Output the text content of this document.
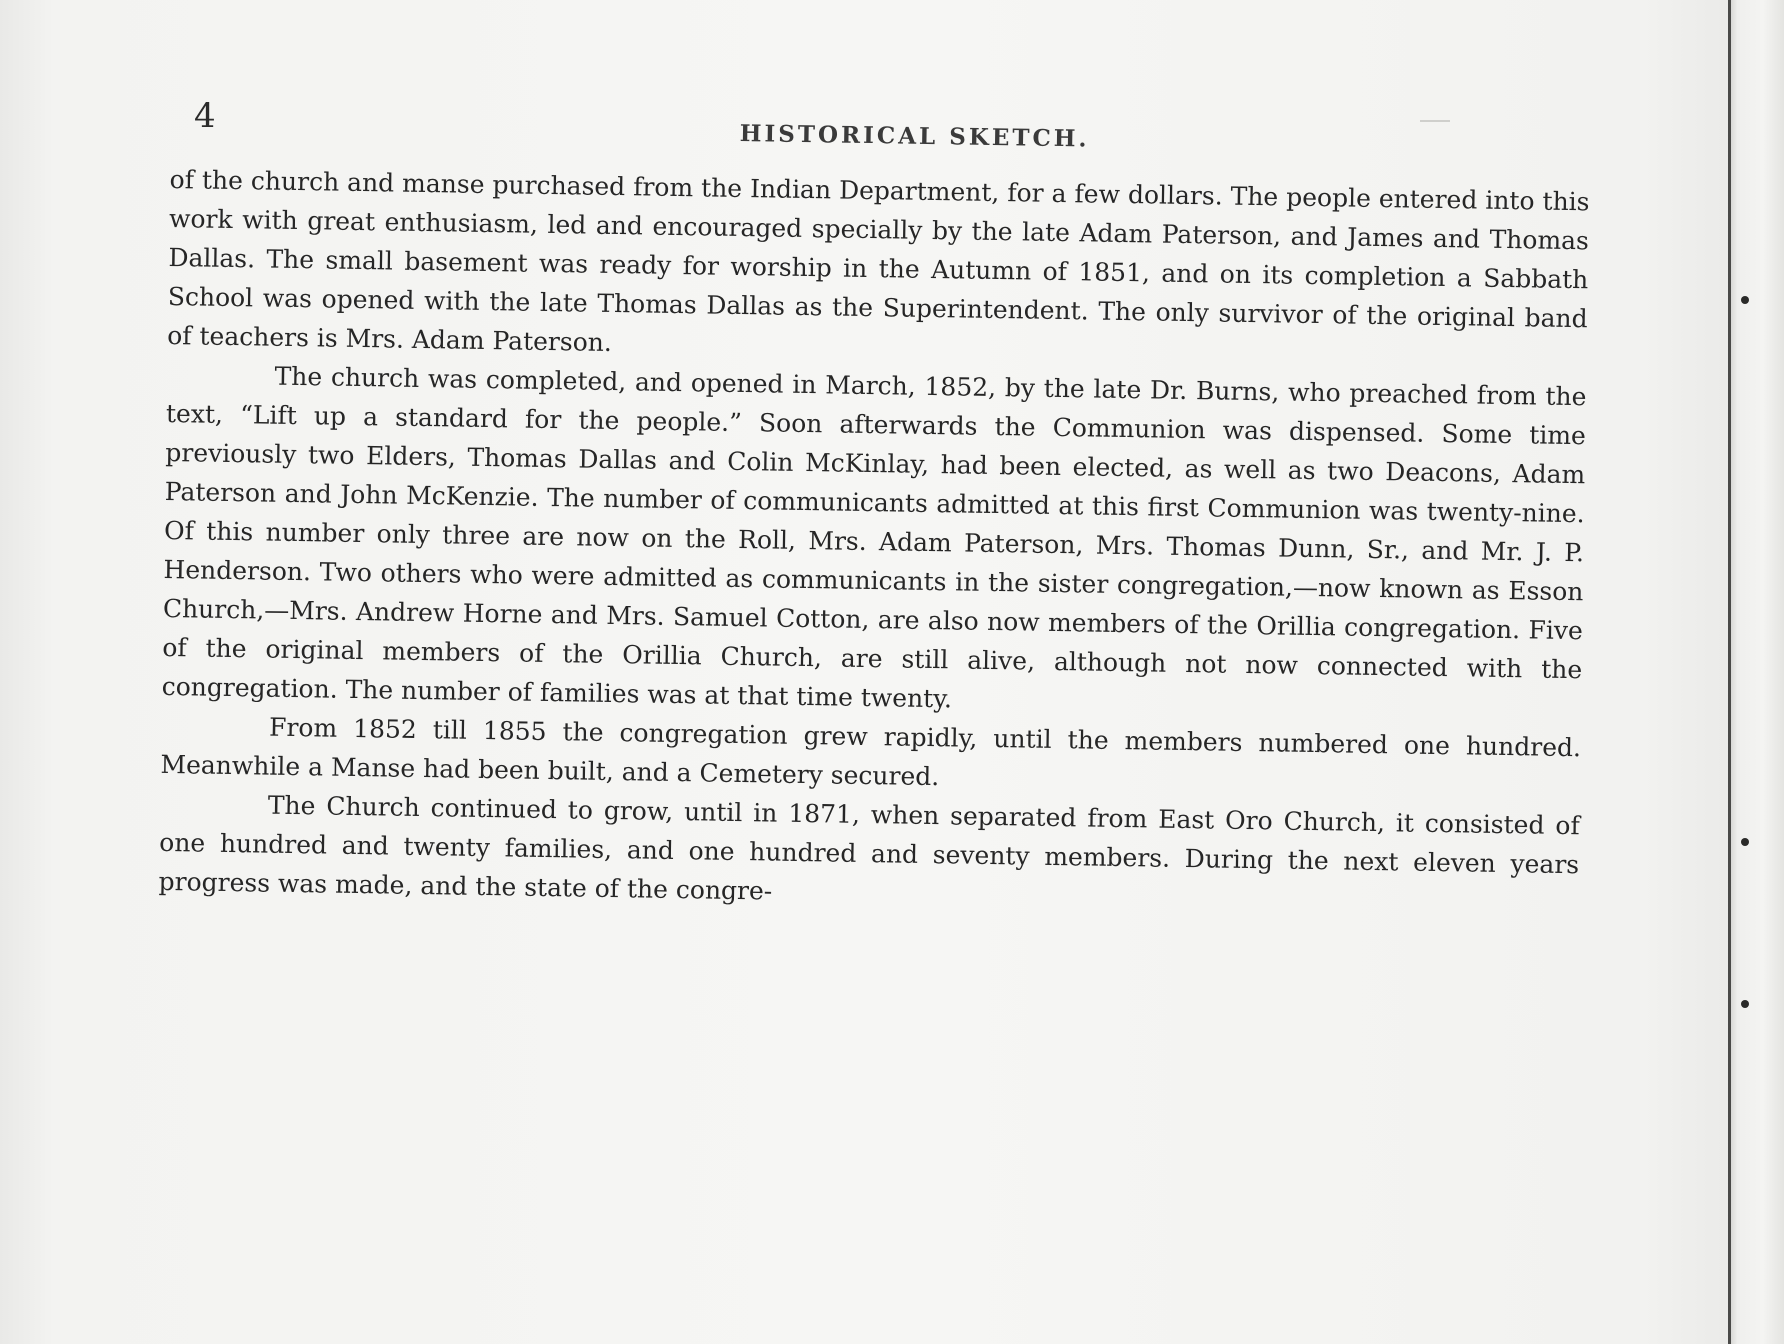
4
HISTORICAL SKETCH.

of the church and manse purchased from the Indian Department, for a few dollars. The people entered into this work with great enthusiasm, led and encouraged specially by the late Adam Paterson, and James and Thomas Dallas. The small basement was ready for worship in the Autumn of 1851, and on its completion a Sabbath School was opened with the late Thomas Dallas as the Superintendent. The only survivor of the original band of teachers is Mrs. Adam Paterson.

The church was completed, and opened in March, 1852, by the late Dr. Burns, who preached from the text, “Lift up a standard for the people.” Soon afterwards the Communion was dispensed. Some time previously two Elders, Thomas Dallas and Colin McKinlay, had been elected, as well as two Deacons, Adam Paterson and John McKenzie. The number of communicants admitted at this first Communion was twenty-nine. Of this number only three are now on the Roll, Mrs. Adam Paterson, Mrs. Thomas Dunn, Sr., and Mr. J. P. Henderson. Two others who were admitted as communicants in the sister congregation,—now known as Esson Church,—Mrs. Andrew Horne and Mrs. Samuel Cotton, are also now members of the Orillia congregation. Five of the original members of the Orillia Church, are still alive, although not now connected with the congregation. The number of families was at that time twenty.

From 1852 till 1855 the congregation grew rapidly, until the members numbered one hundred. Meanwhile a Manse had been built, and a Cemetery secured.

The Church continued to grow, until in 1871, when separated from East Oro Church, it consisted of one hundred and twenty families, and one hundred and seventy members. During the next eleven years progress was made, and the state of the congre-
